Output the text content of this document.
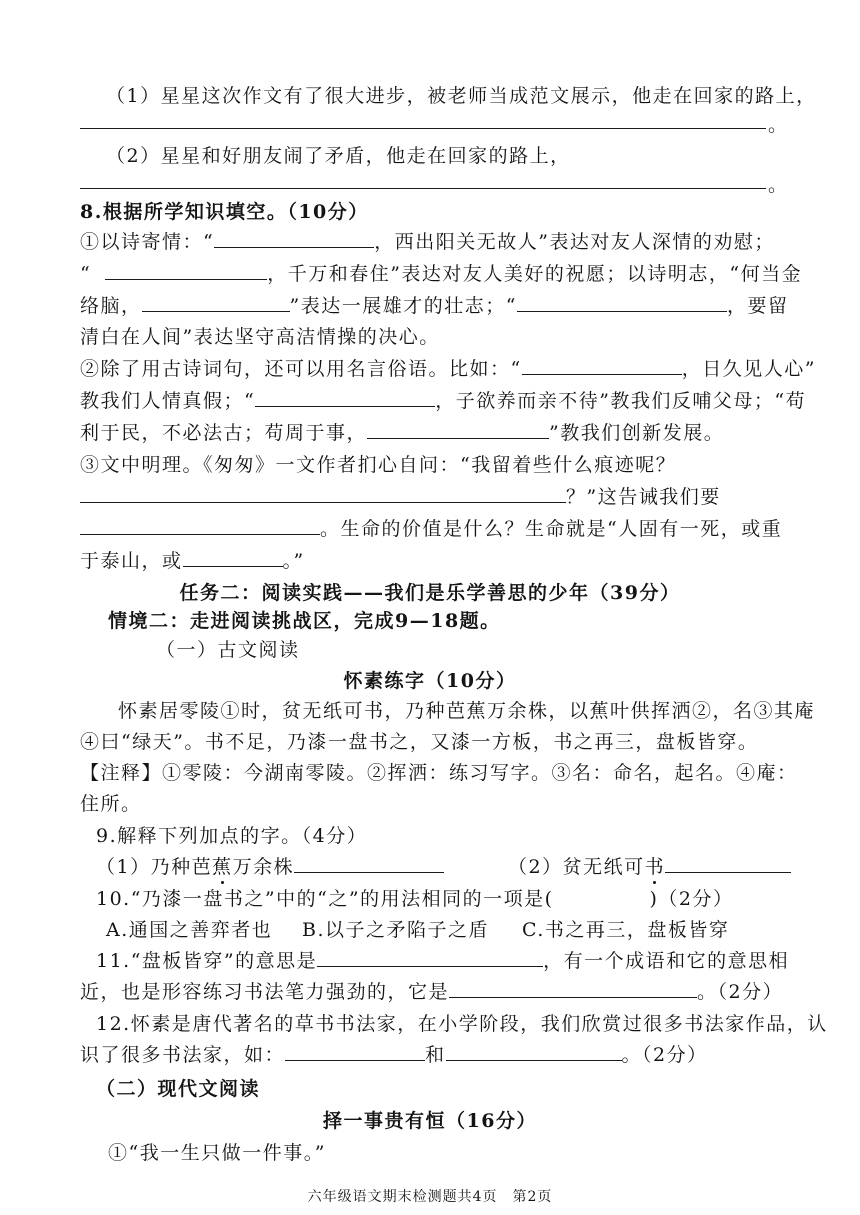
（1）星星这次作文有了很大进步，被老师当成范文展示，他走在回家的路上，
。
（2）星星和好朋友闹了矛盾，他走在回家的路上，
。
8.根据所学知识填空。（10分）
①以诗寄情：“	，西出阳关无故人”表达对友人深情的劝慰；
“	，千万和春住”表达对友人美好的祝愿；以诗明志，“何当金
络脑，	”表达一展雄才的壮志；“	，要留
清白在人间”表达坚守高洁情操的决心。
②除了用古诗词句，还可以用名言俗语。比如：“	，日久见人心”
教我们人情真假；“	，子欲养而亲不待”教我们反哺父母；“苟
利于民，不必法古；苟周于事，	”教我们创新发展。
③文中明理。《匆匆》一文作者扪心自问：“我留着些什么痕迹呢？
？”这告诫我们要
。生命的价值是什么？生命就是“人固有一死，或重
于泰山，或	。”
任务二：阅读实践——我们是乐学善思的少年（39分）
情境二：走进阅读挑战区，完成9—18题。
（一）古文阅读
怀素练字（10分）
怀素居零陵①时，贫无纸可书，乃种芭蕉万余株，以蕉叶供挥洒②，名③其庵
④曰“绿天”。书不足，乃漆一盘书之，又漆一方板，书之再三，盘板皆穿。
【注释】①零陵：今湖南零陵。②挥洒：练习写字。③名：命名，起名。④庵：
住所。
9.解释下列加点的字。（4分）
（1）乃种芭蕉万余株	（2）贫无纸可书
10.“乃漆一盘书之”中的“之”的用法相同的一项是(	)（2分）
A.通国之善弈者也 B.以子之矛陷子之盾 C.书之再三，盘板皆穿
11.“盘板皆穿”的意思是	，有一个成语和它的意思相
近，也是形容练习书法笔力强劲的，它是	。（2分）
12.怀素是唐代著名的草书书法家，在小学阶段，我们欣赏过很多书法家作品，认
识了很多书法家，如：	和	。（2分）
（二）现代文阅读
择一事贵有恒（16分）
①“我一生只做一件事。”
六年级语文期末检测题共4页　第2页
